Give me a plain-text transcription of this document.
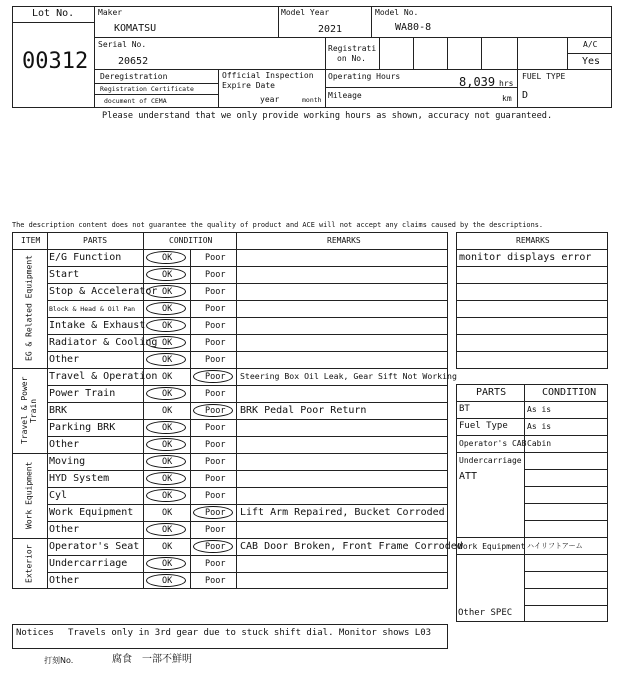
Lot No.
00312
Maker
KOMATSU
Model Year
2021
Model No.
WA80-8
Serial No.
20652
Registrati
on No.
A/C
Yes
Deregistration
Registration Certificate
document of CEMA
Official Inspection
Expire Date
year	month
Operating Hours	8,039 hrs
Mileage	km
FUEL TYPE
D
Please understand that we only provide working hours as shown, accuracy not guaranteed.
The description content does not guarantee the quality of product and ACE will not accept any claims caused by the descriptions.
ITEM	PARTS	CONDITION	REMARKS
EG & Related Equipment	E/G Function	OK	Poor
Start	OK	Poor
Stop & Accelerator OK	Poor
Block & Head & Oil Pan	OK	Poor
Intake & Exhaust OK	Poor
Radiator & Cooling OK	Poor
Other	OK	Poor
Travel & Power Train
Travel & Operation OK	Poor Steering Box Oil Leak, Gear Sift Not Working
Power Train	OK	Poor
BRK	OK	Poor BRK Pedal Poor Return
Parking BRK	OK	Poor
Other	OK	Poor
Work Equipment
Moving	OK	Poor
HYD System	OK	Poor
Cyl	OK	Poor
Work Equipment	OK	Poor Lift Arm Repaired, Bucket Corroded
Other	OK	Poor
Exterior	Operator's Seat	OK	Poor CAB Door Broken, Front Frame Corroded
Undercarriage	OK	Poor
Other	OK	Poor
REMARKS
monitor displays error
PARTS	CONDITION
BT	As is
Fuel Type As is
Operator's CAB Cabin
Undercarriage
ATT
Work Equipment ハイリフトアーム
Other SPEC
Notices Travels only in 3rd gear due to stuck shift dial. Monitor shows L03
打刻No.	腐食　一部不鮮明
